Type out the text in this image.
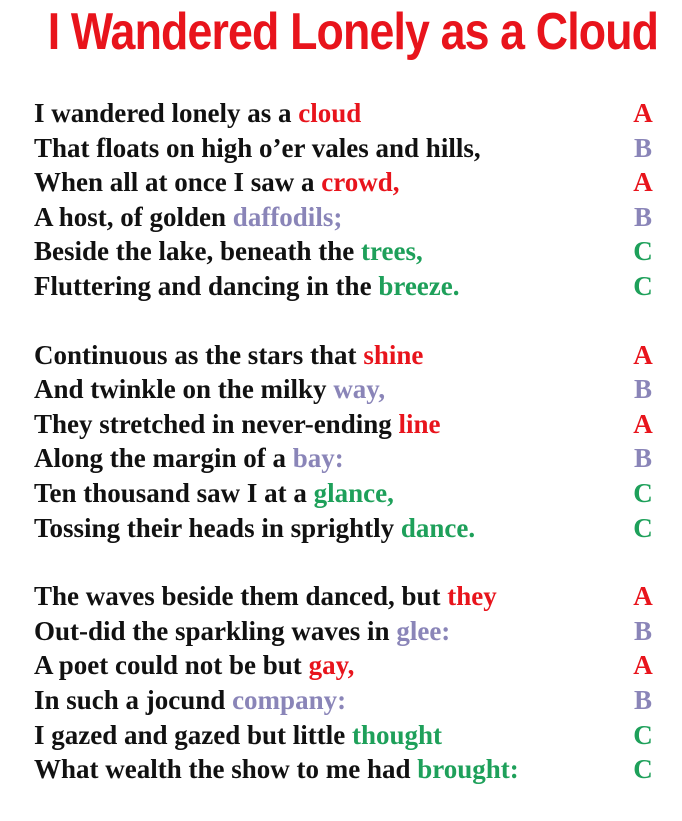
I Wandered Lonely as a Cloud
I wandered lonely as a cloud	A
That floats on high o’er vales and hills,	B
When all at once I saw a crowd,	A
A host, of golden daffodils;	B
Beside the lake, beneath the trees,	C
Fluttering and dancing in the breeze.	C
Continuous as the stars that shine	A
And twinkle on the milky way,	B
They stretched in never-ending line	A
Along the margin of a bay:	B
Ten thousand saw I at a glance,	C
Tossing their heads in sprightly dance.	C
The waves beside them danced, but they	A
Out-did the sparkling waves in glee:	B
A poet could not be but gay,	A
In such a jocund company:	B
I gazed and gazed but little thought	C
What wealth the show to me had brought:	C
